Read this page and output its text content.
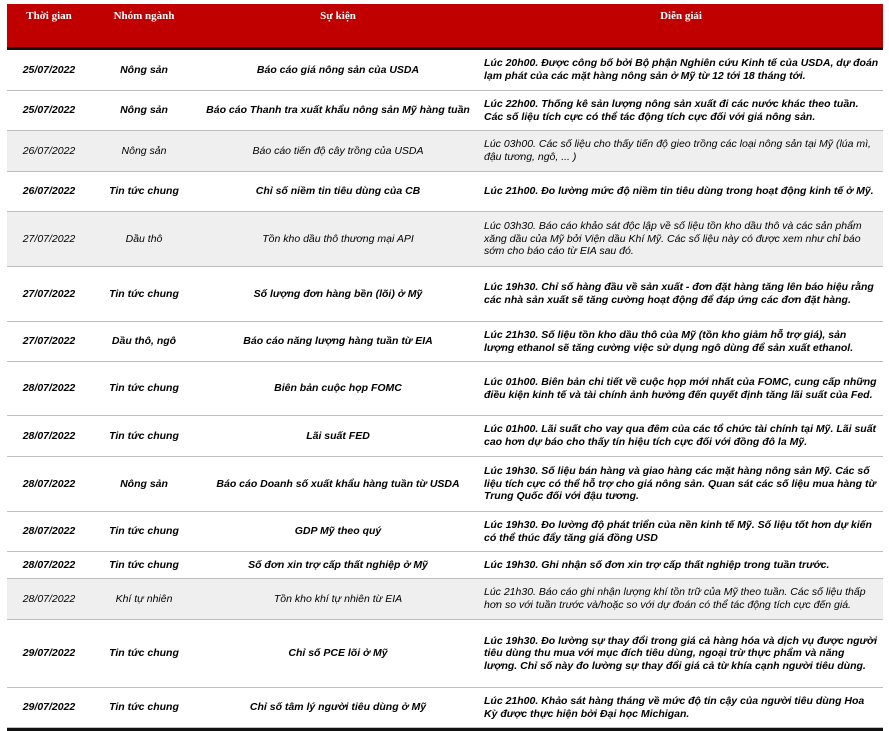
Thời gian	Nhóm ngành	Sự kiện	Diễn giải
25/07/2022	Nông sản	Báo cáo giá nông sản của USDA	Lúc 20h00. Được công bố bởi Bộ phận Nghiên cứu Kinh tế của USDA, dự đoán lạm phát của các mặt hàng nông sản ở Mỹ từ 12 tới 18 tháng tới.
25/07/2022	Nông sản	Báo cáo Thanh tra xuất khẩu nông sản Mỹ hàng tuần	Lúc 22h00. Thống kê sản lượng nông sản xuất đi các nước khác theo tuần. Các số liệu tích cực có thể tác động tích cực đối với giá nông sản.
26/07/2022	Nông sản	Báo cáo tiến độ cây trồng của USDA	Lúc 03h00. Các số liệu cho thấy tiến độ gieo trồng các loại nông sản tại Mỹ (lúa mì, đậu tương, ngô, ... )
26/07/2022	Tin tức chung	Chỉ số niềm tin tiêu dùng của CB	Lúc 21h00. Đo lường mức độ niềm tin tiêu dùng trong hoạt động kinh tế ở Mỹ.
27/07/2022	Dầu thô	Tồn kho dầu thô thương mại API	Lúc 03h30. Báo cáo khảo sát độc lập về số liệu tồn kho dầu thô và các sản phẩm xăng dầu của Mỹ bởi Viện dầu Khí Mỹ. Các số liệu này có được xem như chỉ báo sớm cho báo cáo từ EIA sau đó.
27/07/2022	Tin tức chung	Số lượng đơn hàng bền (lõi) ở Mỹ	Lúc 19h30. Chỉ số hàng đầu về sản xuất - đơn đặt hàng tăng lên báo hiệu rằng các nhà sản xuất sẽ tăng cường hoạt động để đáp ứng các đơn đặt hàng.
27/07/2022	Dầu thô, ngô	Báo cáo năng lượng hàng tuần từ EIA	Lúc 21h30. Số liệu tồn kho dầu thô của Mỹ (tồn kho giảm hỗ trợ giá), sản lượng ethanol sẽ tăng cường việc sử dụng ngô dùng để sản xuất ethanol.
28/07/2022	Tin tức chung	Biên bản cuộc họp FOMC	Lúc 01h00. Biên bản chi tiết về cuộc họp mới nhất của FOMC, cung cấp những điều kiện kinh tế và tài chính ảnh hưởng đến quyết định tăng lãi suất của Fed.
28/07/2022	Tin tức chung	Lãi suất FED	Lúc 01h00. Lãi suất cho vay qua đêm của các tổ chức tài chính tại Mỹ. Lãi suất cao hơn dự báo cho thấy tín hiệu tích cực đối với đồng đô la Mỹ.
28/07/2022	Nông sản	Báo cáo Doanh số xuất khẩu hàng tuần từ USDA	Lúc 19h30. Số liệu bán hàng và giao hàng các mặt hàng nông sản Mỹ. Các số liệu tích cực có thể hỗ trợ cho giá nông sản. Quan sát các số liệu mua hàng từ Trung Quốc đối với đậu tương.
28/07/2022	Tin tức chung	GDP Mỹ theo quý	Lúc 19h30. Đo lường độ phát triển của nền kinh tế Mỹ. Số liệu tốt hơn dự kiến có thể thúc đẩy tăng giá đồng USD
28/07/2022	Tin tức chung	Số đơn xin trợ cấp thất nghiệp ở Mỹ	Lúc 19h30. Ghi nhận số đơn xin trợ cấp thất nghiệp trong tuần trước.
28/07/2022	Khí tự nhiên	Tồn kho khí tự nhiên từ EIA	Lúc 21h30. Báo cáo ghi nhận lượng khí tồn trữ của Mỹ theo tuần. Các số liệu thấp hơn so với tuần trước và/hoặc so với dự đoán có thể tác động tích cực đến giá.
29/07/2022	Tin tức chung	Chỉ số PCE lõi ở Mỹ	Lúc 19h30. Đo lường sự thay đổi trong giá cả hàng hóa và dịch vụ được người tiêu dùng thu mua với mục đích tiêu dùng, ngoại trừ thực phẩm và năng lượng. Chỉ số này đo lường sự thay đổi giá cả từ khía cạnh người tiêu dùng.
29/07/2022	Tin tức chung	Chỉ số tâm lý người tiêu dùng ở Mỹ	Lúc 21h00. Khảo sát hàng tháng về mức độ tin cậy của người tiêu dùng Hoa Kỳ được thực hiện bởi Đại học Michigan.
